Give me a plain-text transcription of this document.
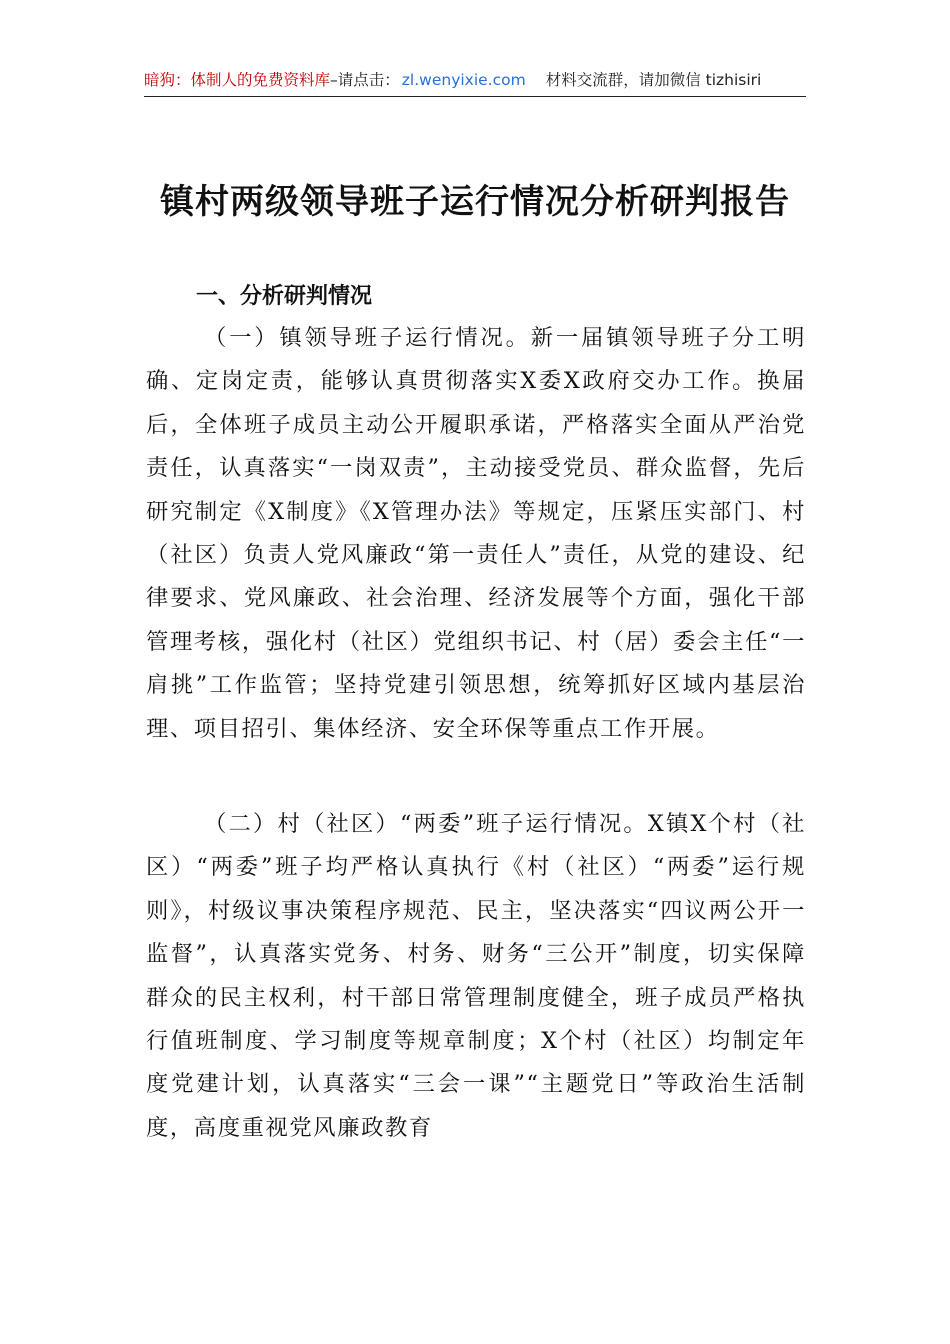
暗狗：体制人的免费资料库–请点击： zl.wenyixie.com 材料交流群，请加微信 tizhisiri
镇村两级领导班子运行情况分析研判报告
一、分析研判情况
（一）镇领导班子运行情况。新一届镇领导班子分工明确、定岗定责，能够认真贯彻落实X委X政府交办工作。换届后，全体班子成员主动公开履职承诺，严格落实全面从严治党责任，认真落实“一岗双责”，主动接受党员、群众监督，先后研究制定《X制度》《X管理办法》等规定，压紧压实部门、村（社区）负责人党风廉政“第一责任人”责任，从党的建设、纪律要求、党风廉政、社会治理、经济发展等个方面，强化干部管理考核，强化村（社区）党组织书记、村（居）委会主任“一肩挑”工作监管；坚持党建引领思想，统筹抓好区域内基层治理、项目招引、集体经济、安全环保等重点工作开展。
（二）村（社区）“两委”班子运行情况。X镇X个村（社区）“两委”班子均严格认真执行《村（社区）“两委”运行规则》，村级议事决策程序规范、民主，坚决落实“四议两公开一监督”，认真落实党务、村务、财务“三公开”制度，切实保障群众的民主权利，村干部日常管理制度健全，班子成员严格执行值班制度、学习制度等规章制度；X个村（社区）均制定年度党建计划，认真落实“三会一课”“主题党日”等政治生活制度，高度重视党风廉政教育
